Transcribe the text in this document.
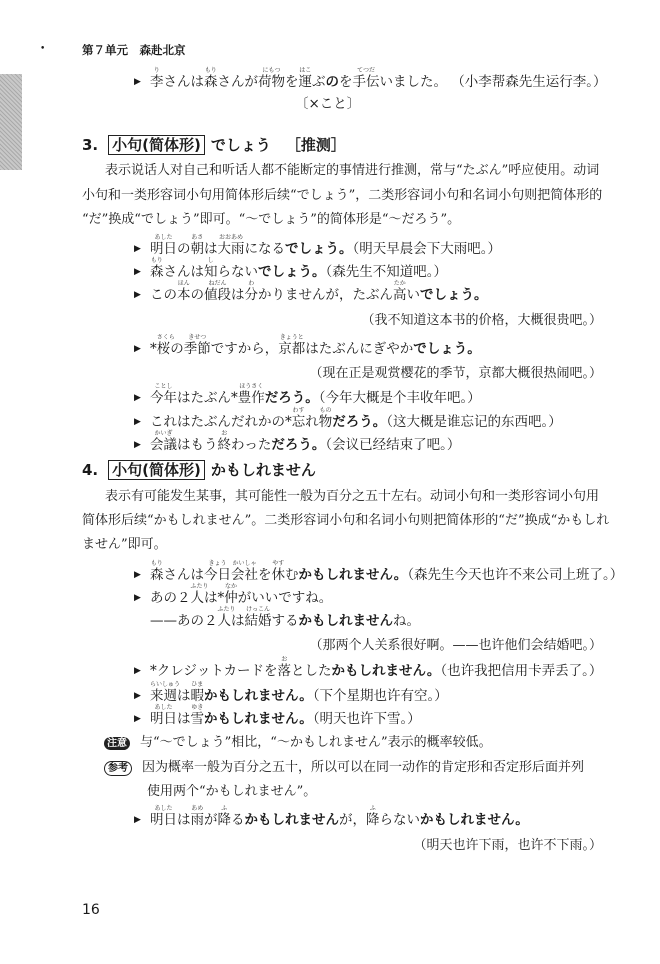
•	第７单元　森赴北京
▶ 李
り
さんは森
もり
さんが荷物
にもつ
を運
はこ
ぶのを手伝
てつだ
いました。 （小李帮森先生运行李。）
〔×こと〕
3. 小句(简体形) でしょう  ［推测］
表示说话人对自己和听话人都不能断定的事情进行推测，常与“たぶん”呼应使用。动词
小句和一类形容词小句用简体形后续“でしょう”，二类形容词小句和名词小句则把简体形的
“だ”换成“でしょう”即可。“～でしょう”的简体形是“～だろう”。
▶ 明日
あした
の朝
あさ
は大雨
おおあめ
になるでしょう。（明天早晨会下大雨吧。）
▶ 森
もり
さんは知
し
らないでしょう。（森先生不知道吧。）
▶ この本
ほん
の値段
ねだん
は分
わ
かりませんが，たぶん高
たか
いでしょう。
（我不知道这本书的价格，大概很贵吧。）
▶ *桜
さくら
の季節
きせつ
ですから，京都
きょうと
はたぶんにぎやかでしょう。
（现在正是观赏樱花的季节，京都大概很热闹吧。）
▶ 今年
ことし
はたぶん*豊作
ほうさく
だろう。（今年大概是个丰收年吧。）
▶ これはたぶんだれかの*忘
わす
れ物
もの
だろう。（这大概是谁忘记的东西吧。）
▶ 会議
かいぎ
はもう終
お
わっただろう。（会议已经结束了吧。）
4. 小句(简体形) かもしれません
表示有可能发生某事，其可能性一般为百分之五十左右。动词小句和一类形容词小句用
简体形后续“かもしれません”。二类形容词小句和名词小句则把简体形的“だ”换成“かもしれ
ません”即可。
▶ 森
もり
さんは今日
きょう
会社
かいしゃ
を休
やす
むかもしれません。（森先生今天也许不来公司上班了。）
▶ あの２人
ふたり
は*仲
なか
がいいですね。
——あの２人
ふたり
は結婚
けっこん
するかもしれませんね。
（那两个人关系很好啊。——也许他们会结婚吧。）
▶ *クレジットカードを落
お
としたかもしれません。（也许我把信用卡弄丢了。）
▶ 来週
らいしゅう
は暇
ひま
かもしれません。（下个星期也许有空。）
▶ 明日
あした
は雪
ゆき
かもしれません。（明天也许下雪。）
注意 与“～でしょう”相比，“～かもしれません”表示的概率较低。
参考 因为概率一般为百分之五十，所以可以在同一动作的肯定形和否定形后面并列
使用两个“かもしれません”。
▶ 明日
あした
は雨
あめ
が降
ふ
るかもしれませんが，降
ふ
らないかもしれません。
（明天也许下雨，也许不下雨。）
16
